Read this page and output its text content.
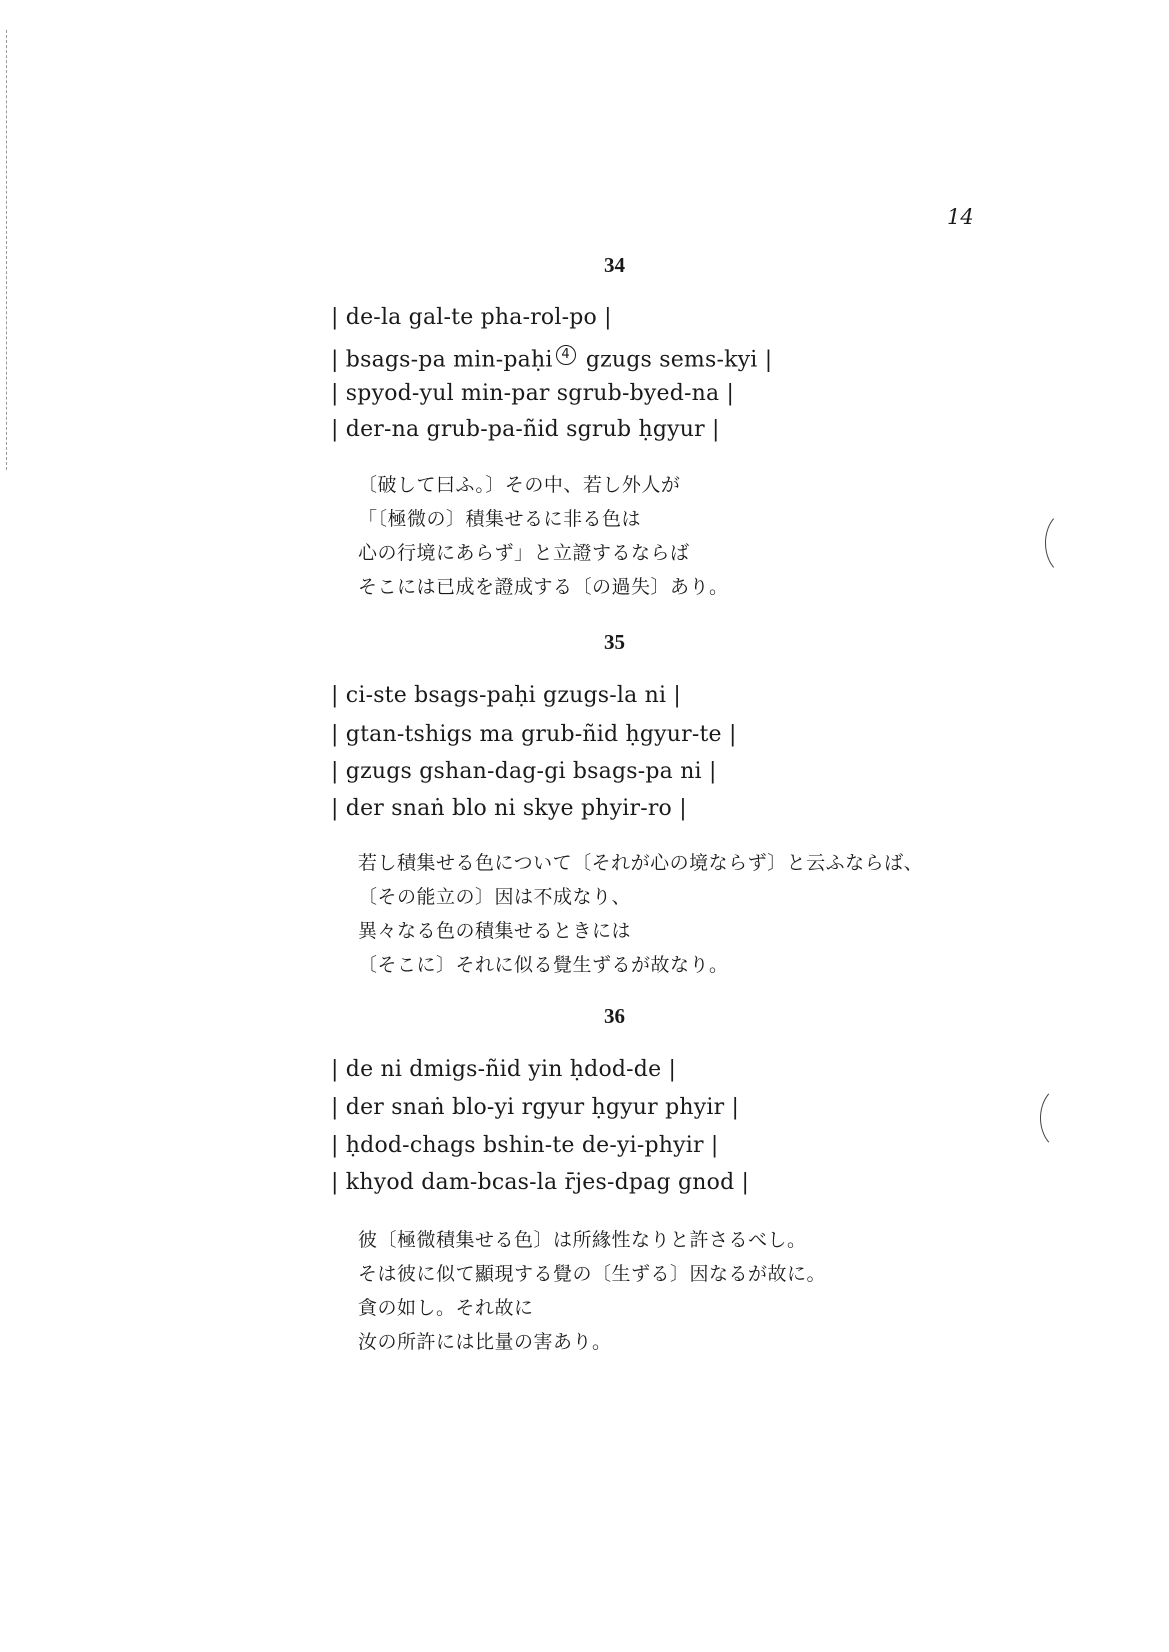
14
34
| de-la gal-te pha-rol-po |
| bsags-pa min-paḥi 4 gzugs sems-kyi |
| spyod-yul min-par sgrub-byed-na |
| der-na grub-pa-ñid sgrub ḥgyur |
〔破して曰ふ。〕その中、若し外人が
「〔極微の〕積集せるに非る色は
心の行境にあらず」と立證するならば
そこには已成を證成する〔の過失〕あり。
35
| ci-ste bsags-paḥi gzugs-la ni |
| gtan-tshigs ma grub-ñid ḥgyur-te |
| gzugs gshan-dag-gi bsags-pa ni |
| der snaṅ blo ni skye phyir-ro |
若し積集せる色について〔それが心の境ならず〕と云ふならば、
〔その能立の〕因は不成なり、
異々なる色の積集せるときには
〔そこに〕それに似る覺生ずるが故なり。
36
| de ni dmigs-ñid yin ḥdod-de |
| der snaṅ blo-yi rgyur ḥgyur phyir |
| ḥdod-chags bshin-te de-yi-phyir |
| khyod dam-bcas-la r̄jes-dpag gnod |
彼〔極微積集せる色〕は所緣性なりと許さるべし。
そは彼に似て顯現する覺の〔生ずる〕因なるが故に。
貪の如し。それ故に
汝の所許には比量の害あり。
